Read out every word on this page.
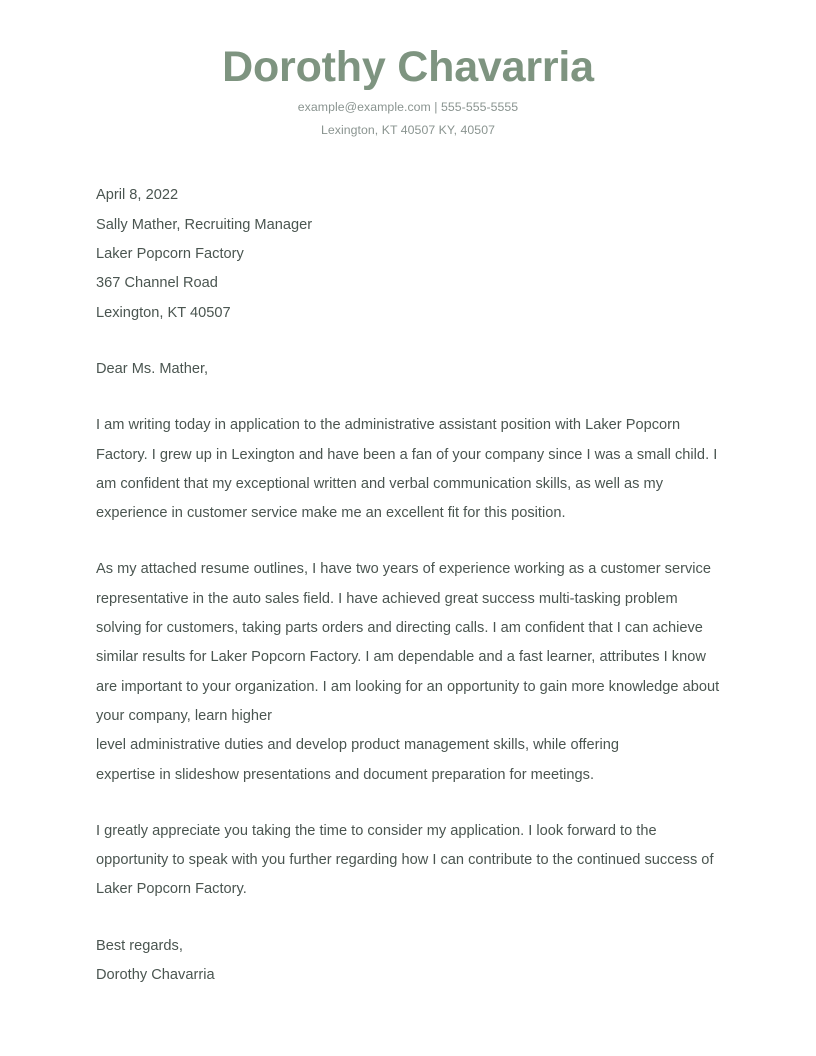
Dorothy Chavarria

example@example.com | 555-555-5555

Lexington, KT 40507 KY, 40507

April 8, 2022
Sally Mather, Recruiting Manager
Laker Popcorn Factory
367 Channel Road
Lexington, KT 40507
Dear Ms. Mather,
I am writing today in application to the administrative assistant position with Laker Popcorn Factory. I grew up in Lexington and have been a fan of your company since I was a small child. I am confident that my exceptional written and verbal communication skills, as well as my experience in customer service make me an excellent fit for this position.
As my attached resume outlines, I have two years of experience working as a customer service representative in the auto sales field. I have achieved great success multi-tasking problem solving for customers, taking parts orders and directing calls. I am confident that I can achieve similar results for Laker Popcorn Factory. I am dependable and a fast learner, attributes I know are important to your organization. I am looking for an opportunity to gain more knowledge about your company, learn higher
level administrative duties and develop product management skills, while offering
expertise in slideshow presentations and document preparation for meetings.
I greatly appreciate you taking the time to consider my application. I look forward to the opportunity to speak with you further regarding how I can contribute to the continued success of Laker Popcorn Factory.
Best regards,
Dorothy Chavarria
